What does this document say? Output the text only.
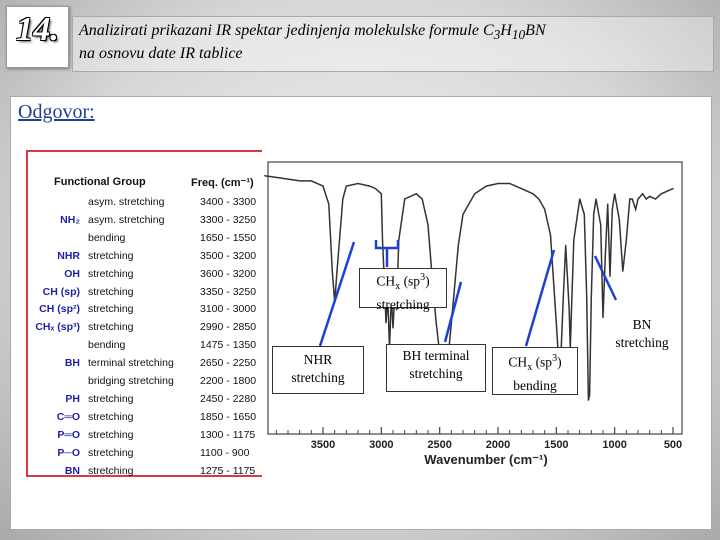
14.	Analizirati prikazani IR spektar jedinjenja molekulske formule $C_3H_{10}BN$
na osnovu date IR tablice
Odgovor:
Functional Group	Freq. (cm⁻¹)
asym. stretching	3400 - 3300
NH₂ asym. stretching	3300 - 3250
bending	1650 - 1550
NHR stretching	3500 - 3200
OH stretching	3600 - 3200
CH (sp) stretching	3350 - 3250
CH (sp²) stretching	3100 - 3000
CHₓ (sp³) stretching	2990 - 2850
bending	1475 - 1350
BH terminal stretching 2650 - 2250
bridging stretching 2200 - 1800
PH stretching	2450 - 2280
C═O stretching	1850 - 1650
P═O stretching	1300 - 1175
P─O stretching	1100 - 900
BN stretching	1275 - 1175
3500	3000	2500	2000	1500	1000	500
Wavenumber (cm⁻¹)
$CH_x$ $(sp^3)$
stretching
NHR
stretching
BH terminal
stretching
$CH_x$ $(sp^3)$
bending
BN
stretching
